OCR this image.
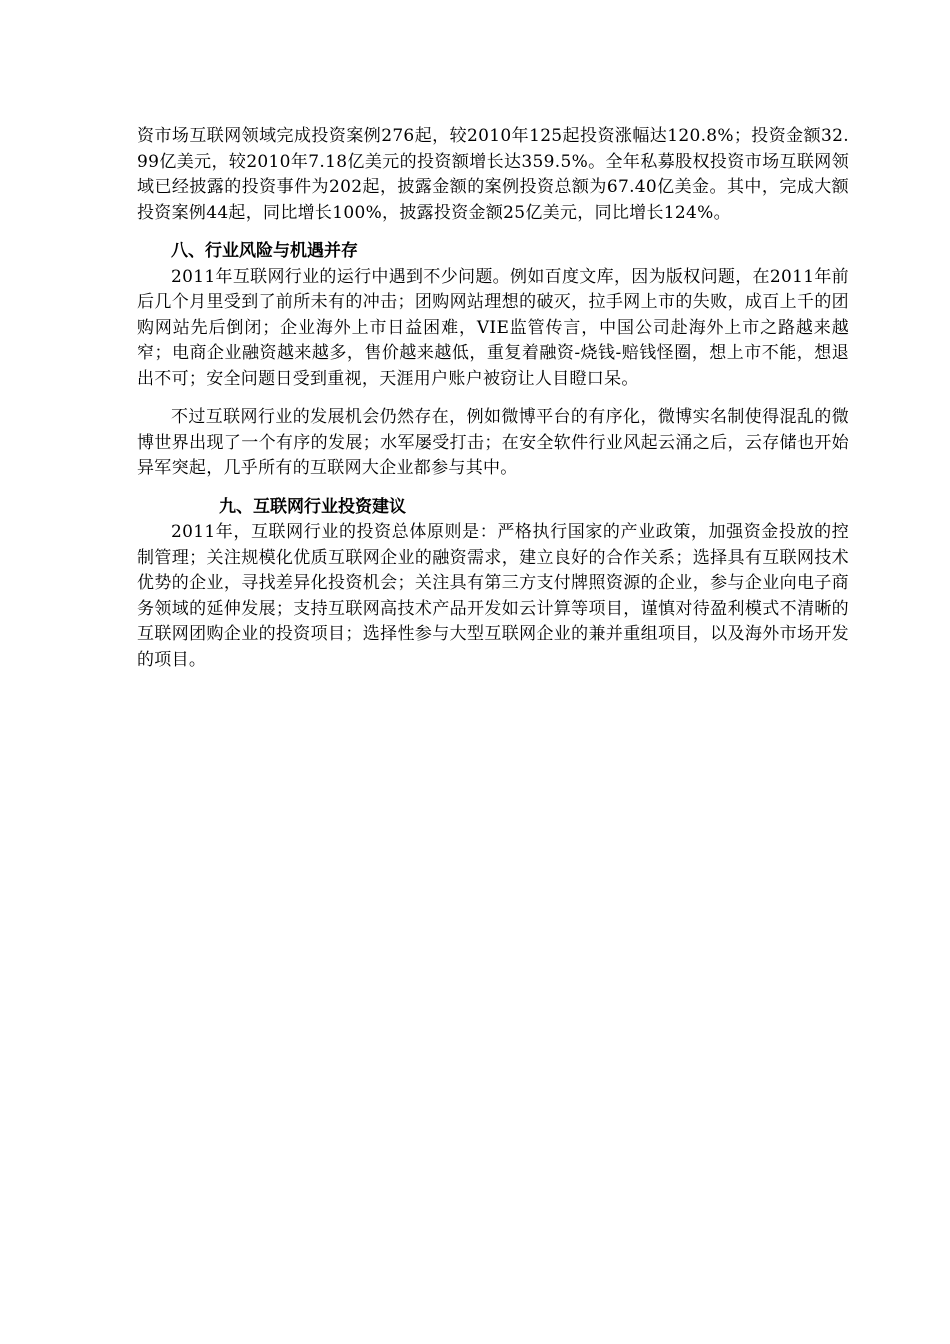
资市场互联网领域完成投资案例276起，较2010年125起投资涨幅达120.8%；投资金额32.99亿美元，较2010年7.18亿美元的投资额增长达359.5%。全年私募股权投资市场互联网领域已经披露的投资事件为202起，披露金额的案例投资总额为67.40亿美金。其中，完成大额投资案例44起，同比增长100%，披露投资金额25亿美元，同比增长124%。

八、行业风险与机遇并存

2011年互联网行业的运行中遇到不少问题。例如百度文库，因为版权问题，在2011年前后几个月里受到了前所未有的冲击；团购网站理想的破灭，拉手网上市的失败，成百上千的团购网站先后倒闭；企业海外上市日益困难，VIE监管传言，中国公司赴海外上市之路越来越窄；电商企业融资越来越多，售价越来越低，重复着融资-烧钱-赔钱怪圈，想上市不能，想退出不可；安全问题日受到重视，天涯用户账户被窃让人目瞪口呆。

不过互联网行业的发展机会仍然存在，例如微博平台的有序化，微博实名制使得混乱的微博世界出现了一个有序的发展；水军屡受打击；在安全软件行业风起云涌之后，云存储也开始异军突起，几乎所有的互联网大企业都参与其中。

九、互联网行业投资建议

2011年，互联网行业的投资总体原则是：严格执行国家的产业政策，加强资金投放的控制管理；关注规模化优质互联网企业的融资需求，建立良好的合作关系；选择具有互联网技术优势的企业，寻找差异化投资机会；关注具有第三方支付牌照资源的企业，参与企业向电子商务领域的延伸发展；支持互联网高技术产品开发如云计算等项目，谨慎对待盈利模式不清晰的互联网团购企业的投资项目；选择性参与大型互联网企业的兼并重组项目，以及海外市场开发的项目。
